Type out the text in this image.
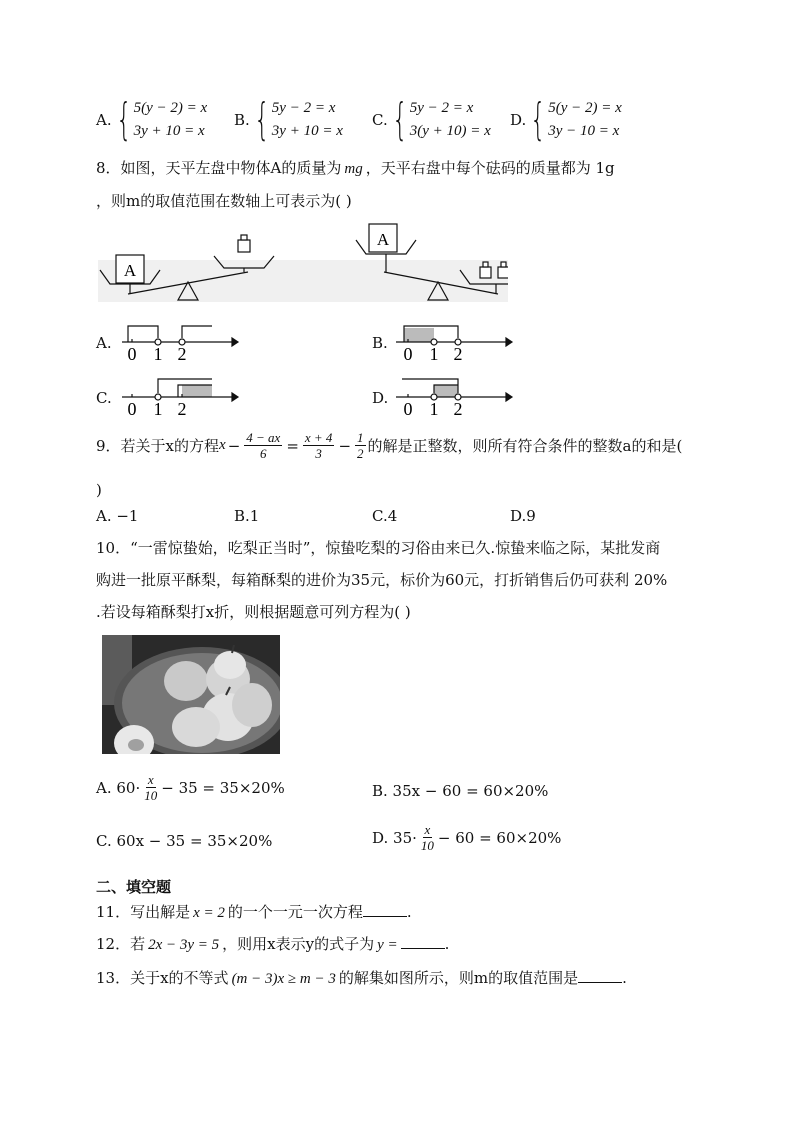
A. { 5(y − 2) = x
3y + 10 = x
B. { 5y − 2 = x
3y + 10 = x
C. { 5y − 2 = x
3(y + 10) = x
D. { 5(y − 2) = x
3y − 10 = x
8．如图，天平左盘中物体A的质量为 mg ，天平右盘中每个砝码的质量都为 1g
，则m的取值范围在数轴上可表示为( )
A
A
A.
0 1 2
B.
0 1 2
C.
0 1 2
D.
0 1 2
9．若关于x的方程 $x - \frac{4 - ax}{6} = \frac{x + 4}{3} - \frac{1}{2}$ 的解是正整数，则所有符合条件的整数a的和是(
)
A. −1	B.1	C.4	D.9
10．“一雷惊蛰始，吃梨正当时”，惊蛰吃梨的习俗由来已久.惊蛰来临之际，某批发商
购进一批原平酥梨，每箱酥梨的进价为35元，标价为60元，打折销售后仍可获利 20%
.若设每箱酥梨打x折，则根据题意可列方程为( )
A. $60\cdot \frac{x}{10} - 35 = 35\times 20\%$	B. 35x − 60 = 60×20%
C. 60x − 35 = 35×20%	D. $35\cdot \frac{x}{10} - 60 = 60\times 20\%$
二、填空题
11．写出解是 x = 2 的一个一元一次方程	.
12．若 2x − 3y = 5 ，则用x表示y的式子为 y =	.
13．关于x的不等式 (m − 3)x ≥ m − 3 的解集如图所示，则m的取值范围是	.
